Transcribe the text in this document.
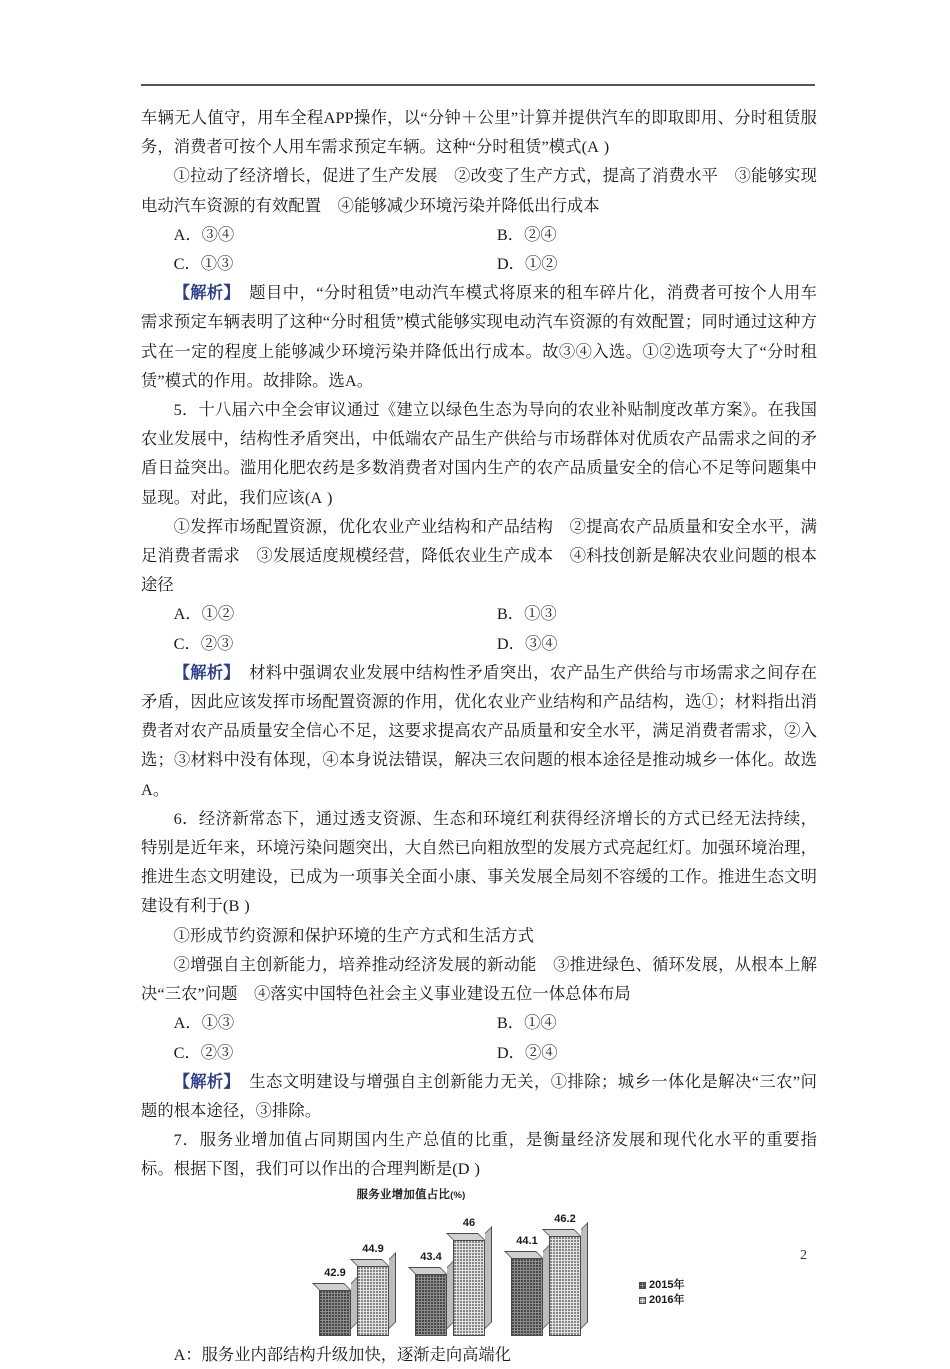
车辆无人值守，用车全程APP操作，以“分钟＋公里”计算并提供汽车的即取即用、分时租赁服务，消费者可按个人用车需求预定车辆。这种“分时租赁”模式(A)

①拉动了经济增长，促进了生产发展　②改变了生产方式，提高了消费水平　③能够实现电动汽车资源的有效配置　④能够减少环境污染并降低出行成本

A．③④	B．②④
C．①③	D．①②

【解析】 题目中，“分时租赁”电动汽车模式将原来的租车碎片化，消费者可按个人用车需求预定车辆表明了这种“分时租赁”模式能够实现电动汽车资源的有效配置；同时通过这种方式在一定的程度上能够减少环境污染并降低出行成本。故③④入选。①②选项夸大了“分时租赁”模式的作用。故排除。选A。

5．十八届六中全会审议通过《建立以绿色生态为导向的农业补贴制度改革方案》。在我国农业发展中，结构性矛盾突出，中低端农产品生产供给与市场群体对优质农产品需求之间的矛盾日益突出。滥用化肥农药是多数消费者对国内生产的农产品质量安全的信心不足等问题集中显现。对此，我们应该(A)

①发挥市场配置资源，优化农业产业结构和产品结构　②提高农产品质量和安全水平，满足消费者需求　③发展适度规模经营，降低农业生产成本　④科技创新是解决农业问题的根本途径

A．①②	B．①③
C．②③	D．③④

【解析】 材料中强调农业发展中结构性矛盾突出，农产品生产供给与市场需求之间存在矛盾，因此应该发挥市场配置资源的作用，优化农业产业结构和产品结构，选①；材料指出消费者对农产品质量安全信心不足，这要求提高农产品质量和安全水平，满足消费者需求，②入选；③材料中没有体现，④本身说法错误，解决三农问题的根本途径是推动城乡一体化。故选A。

6．经济新常态下，通过透支资源、生态和环境红利获得经济增长的方式已经无法持续，特别是近年来，环境污染问题突出，大自然已向粗放型的发展方式亮起红灯。加强环境治理，推进生态文明建设，已成为一项事关全面小康、事关发展全局刻不容缓的工作。推进生态文明建设有利于(B)

①形成节约资源和保护环境的生产方式和生活方式

②增强自主创新能力，培养推动经济发展的新动能　③推进绿色、循环发展，从根本上解决“三农”问题　④落实中国特色社会主义事业建设五位一体总体布局

A．①③	B．①④
C．②③	D．②④

【解析】 生态文明建设与增强自主创新能力无关，①排除；城乡一体化是解决“三农”问题的根本途径，③排除。

7．服务业增加值占同期国内生产总值的比重，是衡量经济发展和现代化水平的重要指标。根据下图，我们可以作出的合理判断是(D)

服务业增加值占比(%)
42.9
44.9
43.4
46
44.1
46.2
2015年
2016年
A：服务业内部结构升级加快，逐渐走向高端化
2
